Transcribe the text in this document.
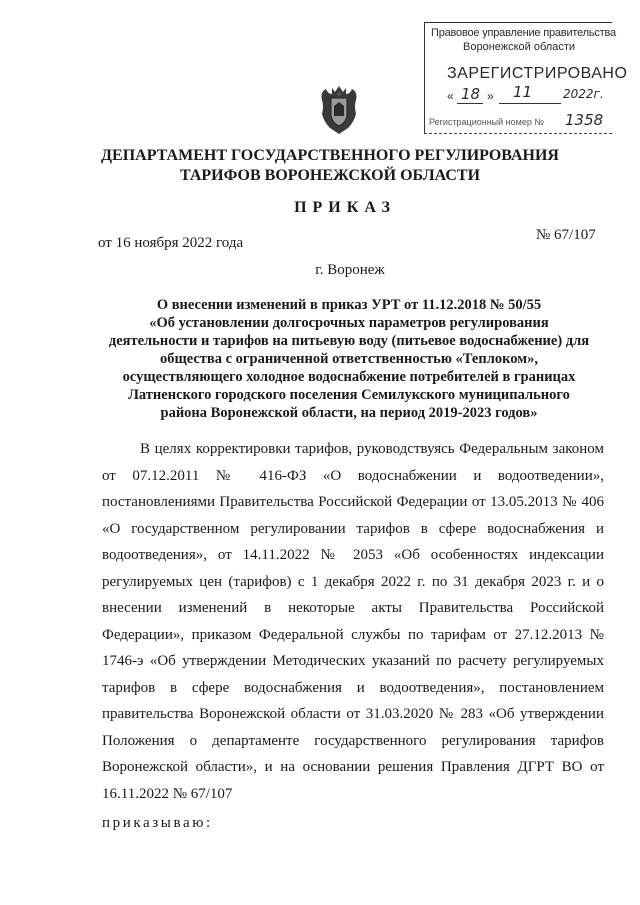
Правовое управление правительства
Воронежской области
ЗАРЕГИСТРИРОВАНО
« 18 » 11	2022г.
Регистрационный номер № 1358
ДЕПАРТАМЕНТ ГОСУДАРСТВЕННОГО РЕГУЛИРОВАНИЯ
ТАРИФОВ ВОРОНЕЖСКОЙ ОБЛАСТИ
ПРИКАЗ
от 16 ноября 2022 года	№ 67/107
г. Воронеж
О внесении изменений в приказ УРТ от 11.12.2018 № 50/55
«Об установлении долгосрочных параметров регулирования
деятельности и тарифов на питьевую воду (питьевое водоснабжение) для
общества с ограниченной ответственностью «Теплоком»,
осуществляющего холодное водоснабжение потребителей в границах
Латненского городского поселения Семилукского муниципального
района Воронежской области, на период 2019-2023 годов»
В целях корректировки тарифов, руководствуясь Федеральным законом
от 07.12.2011 № 416-ФЗ «О водоснабжении и водоотведении»,
постановлениями Правительства Российской Федерации от 13.05.2013 № 406
«О государственном регулировании тарифов в сфере водоснабжения и
водоотведения», от 14.11.2022 № 2053 «Об особенностях индексации
регулируемых цен (тарифов) с 1 декабря 2022 г. по 31 декабря 2023 г. и о
внесении изменений в некоторые акты Правительства Российской
Федерации», приказом Федеральной службы по тарифам от 27.12.2013 №
1746-э «Об утверждении Методических указаний по расчету регулируемых
тарифов в сфере водоснабжения и водоотведения», постановлением
правительства Воронежской области от 31.03.2020 № 283 «Об утверждении
Положения о департаменте государственного регулирования тарифов
Воронежской области», и на основании решения Правления ДГРТ ВО от
16.11.2022 № 67/107
приказываю:
